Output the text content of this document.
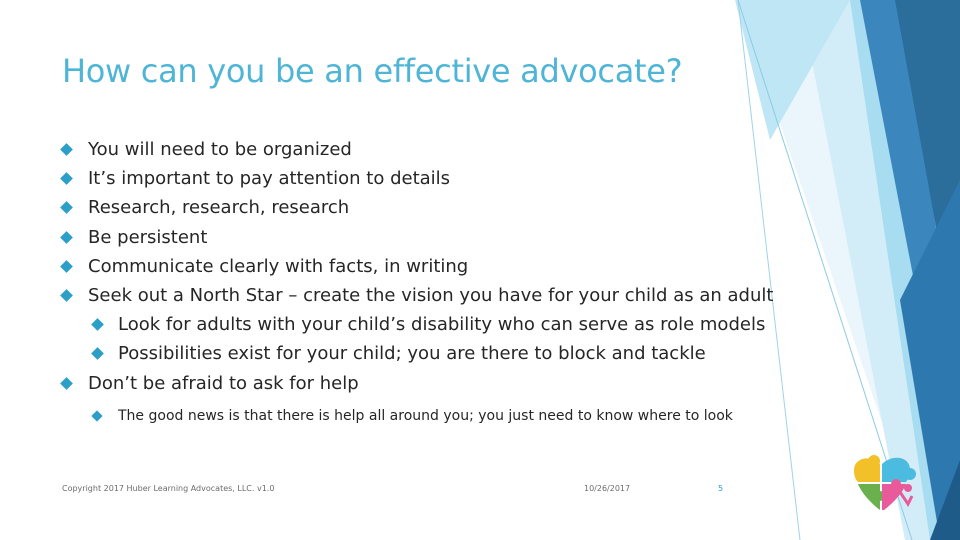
How can you be an effective advocate?
You will need to be organized
It’s important to pay attention to details
Research, research, research
Be persistent
Communicate clearly with facts, in writing
Seek out a North Star – create the vision you have for your child as an adult
Look for adults with your child’s disability who can serve as role models
Possibilities exist for your child; you are there to block and tackle
Don’t be afraid to ask for help
The good news is that there is help all around you; you just need to know where to look
Copyright 2017 Huber Learning Advocates, LLC. v1.0	10/26/2017	5
